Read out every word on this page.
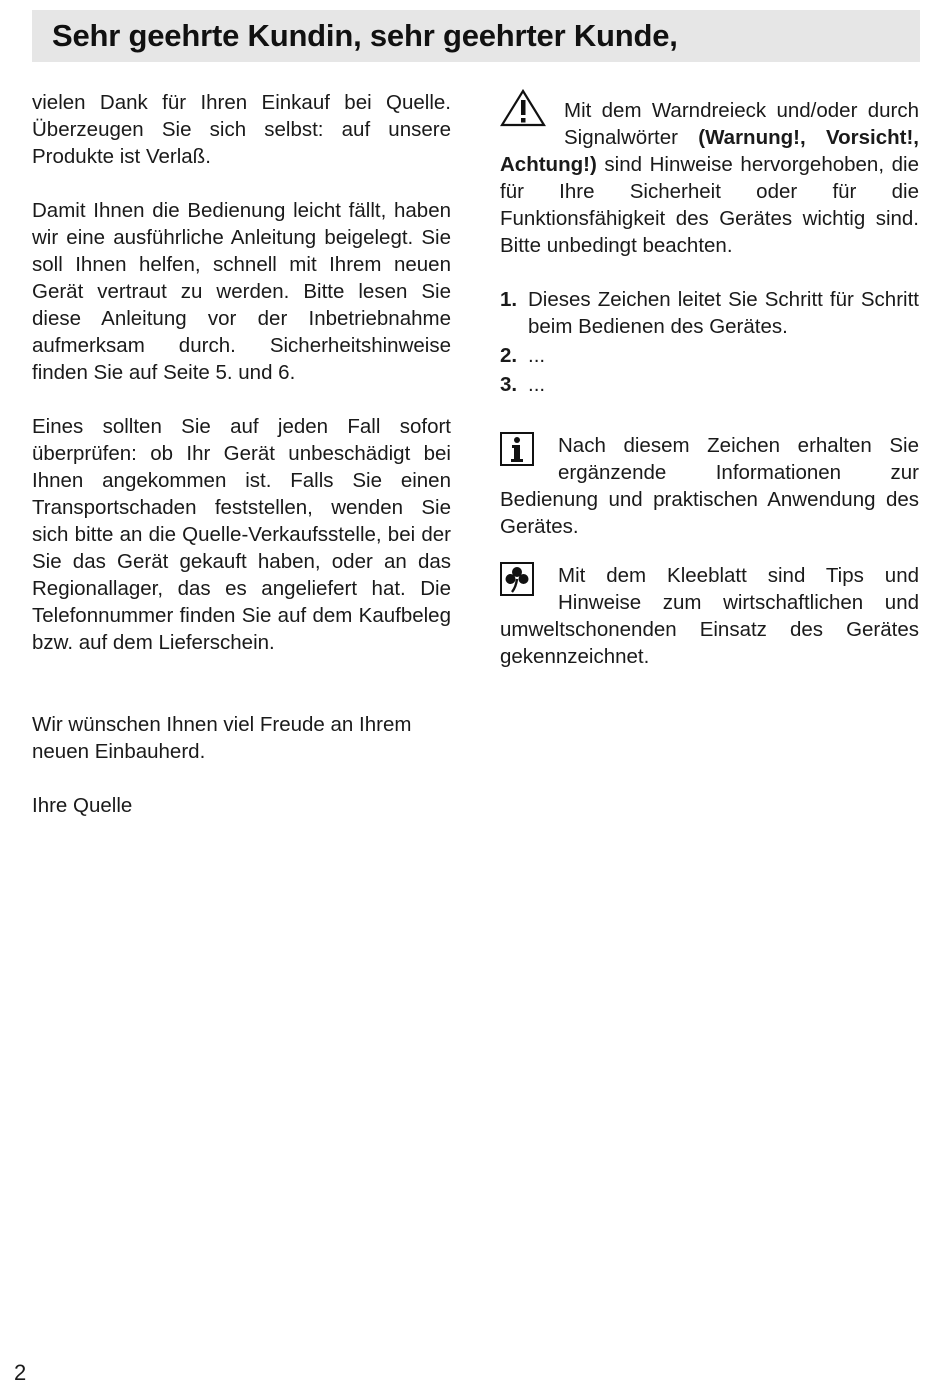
Sehr geehrte Kundin, sehr geehrter Kunde,

vielen Dank für Ihren Einkauf bei Quelle. Überzeugen Sie sich selbst: auf unsere Produkte ist Verlaß.

Damit Ihnen die Bedienung leicht fällt, haben wir eine ausführliche Anleitung beigelegt. Sie soll Ihnen helfen, schnell mit Ihrem neuen Gerät vertraut zu werden. Bitte lesen Sie diese Anleitung vor der Inbetriebnahme aufmerksam durch. Sicherheitshinweise finden Sie auf Seite 5. und 6.

Eines sollten Sie auf jeden Fall sofort überprüfen: ob Ihr Gerät unbeschädigt bei Ihnen angekommen ist. Falls Sie einen Transportschaden feststellen, wenden Sie sich bitte an die Quelle-Verkaufsstelle, bei der Sie das Gerät gekauft haben, oder an das Regionallager, das es angeliefert hat. Die Telefonnummer finden Sie auf dem Kaufbeleg bzw. auf dem Lieferschein.

Wir wünschen Ihnen viel Freude an Ihrem neuen Einbauherd.

Ihre Quelle

Mit dem Warndreieck und/oder durch Signalwörter (Warnung!, Vorsicht!, Achtung!) sind Hinweise hervorgehoben, die für Ihre Sicherheit oder für die Funktionsfähigkeit des Gerätes wichtig sind. Bitte unbedingt beachten.

1. Dieses Zeichen leitet Sie Schritt für Schritt beim Bedienen des Gerätes.
2. ...
3. ...

Nach diesem Zeichen erhalten Sie ergänzende Informationen zur Bedienung und praktischen Anwendung des Gerätes.

Mit dem Kleeblatt sind Tips und Hinweise zum wirtschaftlichen und umweltschonenden Einsatz des Gerätes gekennzeichnet.

2
